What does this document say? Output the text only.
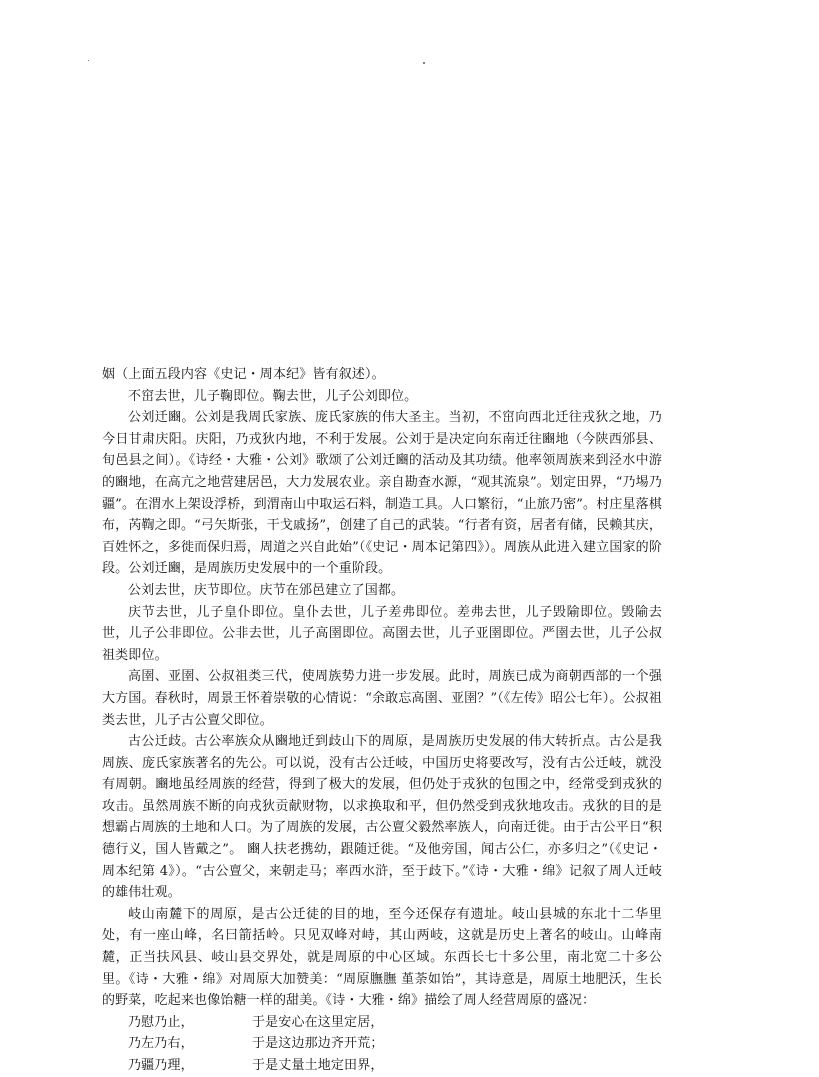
姻（上面五段内容《史记・周本纪》皆有叙述）。

不窋去世，儿子鞠即位。鞠去世，儿子公刘即位。

公刘迁豳。公刘是我周氏家族、庞氏家族的伟大圣主。当初，不窋向西北迁往戎狄之地，乃今日甘肃庆阳。庆阳，乃戎狄内地，不利于发展。公刘于是决定向东南迁往豳地（今陕西邠县、旬邑县之间）。《诗经・大雅・公刘》歌颂了公刘迁豳的活动及其功绩。他率领周族来到泾水中游的豳地，在高亢之地营建居邑，大力发展农业。亲自勘查水源，“观其流泉”。划定田界，“乃埸乃疆”。在渭水上架设浮桥，到渭南山中取运石料，制造工具。人口繁衍，“止旅乃密”。村庄星落棋布，芮鞫之即。“弓矢斯张，干戈戚扬”，创建了自己的武装。“行者有资，居者有储，民赖其庆，百姓怀之，多徙而保归焉，周道之兴自此始”（《史记・周本记第四》）。周族从此进入建立国家的阶段。公刘迁豳，是周族历史发展中的一个重阶段。

公刘去世，庆节即位。庆节在邠邑建立了国都。

庆节去世，儿子皇仆即位。皇仆去世，儿子差弗即位。差弗去世，儿子毁隃即位。毁隃去世，儿子公非即位。公非去世，儿子高圉即位。高圉去世，儿子亚圉即位。严圉去世，儿子公叔祖类即位。

高圉、亚圉、公叔祖类三代，使周族势力进一步发展。此时，周族已成为商朝西部的一个强大方国。春秋时，周景王怀着崇敬的心情说：“余敢忘高圉、亚圉？”（《左传》昭公七年）。公叔祖类去世，儿子古公亶父即位。

古公迁歧。古公率族众从豳地迁到歧山下的周原，是周族历史发展的伟大转折点。古公是我周族、庞氏家族著名的先公。可以说，没有古公迁岐，中国历史将要改写，没有古公迁岐，就没有周朝。豳地虽经周族的经营，得到了极大的发展，但仍处于戎狄的包围之中，经常受到戎狄的攻击。虽然周族不断的向戎狄贡献财物，以求换取和平，但仍然受到戎狄地攻击。戎狄的目的是想霸占周族的土地和人口。为了周族的发展，古公亶父毅然率族人，向南迁徙。由于古公平日“积德行义，国人皆戴之”。 豳人扶老携幼，跟随迁徙。“及他旁国，闻古公仁，亦多归之”（《史记・周本纪第 4》）。“古公亶父，来朝走马；率西水浒，至于歧下。”《诗・大雅・绵》记叙了周人迁岐的雄伟壮观。

岐山南麓下的周原，是古公迁徒的目的地，至今还保存有遗址。岐山县城的东北十二华里处，有一座山峰，名曰箭括岭。只见双峰对峙，其山两岐，这就是历史上著名的岐山。山峰南麓，正当扶风县、岐山县交界处，就是周原的中心区域。东西长七十多公里，南北宽二十多公里。《诗・大雅・绵》对周原大加赞美：“周原膴膴 堇荼如饴”，其诗意是，周原土地肥沃，生长的野菜，吃起来也像饴糖一样的甜美。《诗・大雅・绵》描绘了周人经营周原的盛况：

乃慰乃止，	于是安心在这里定居，
乃左乃右，	于是这边那边齐开荒；
乃疆乃理，	于是丈量土地定田界，
